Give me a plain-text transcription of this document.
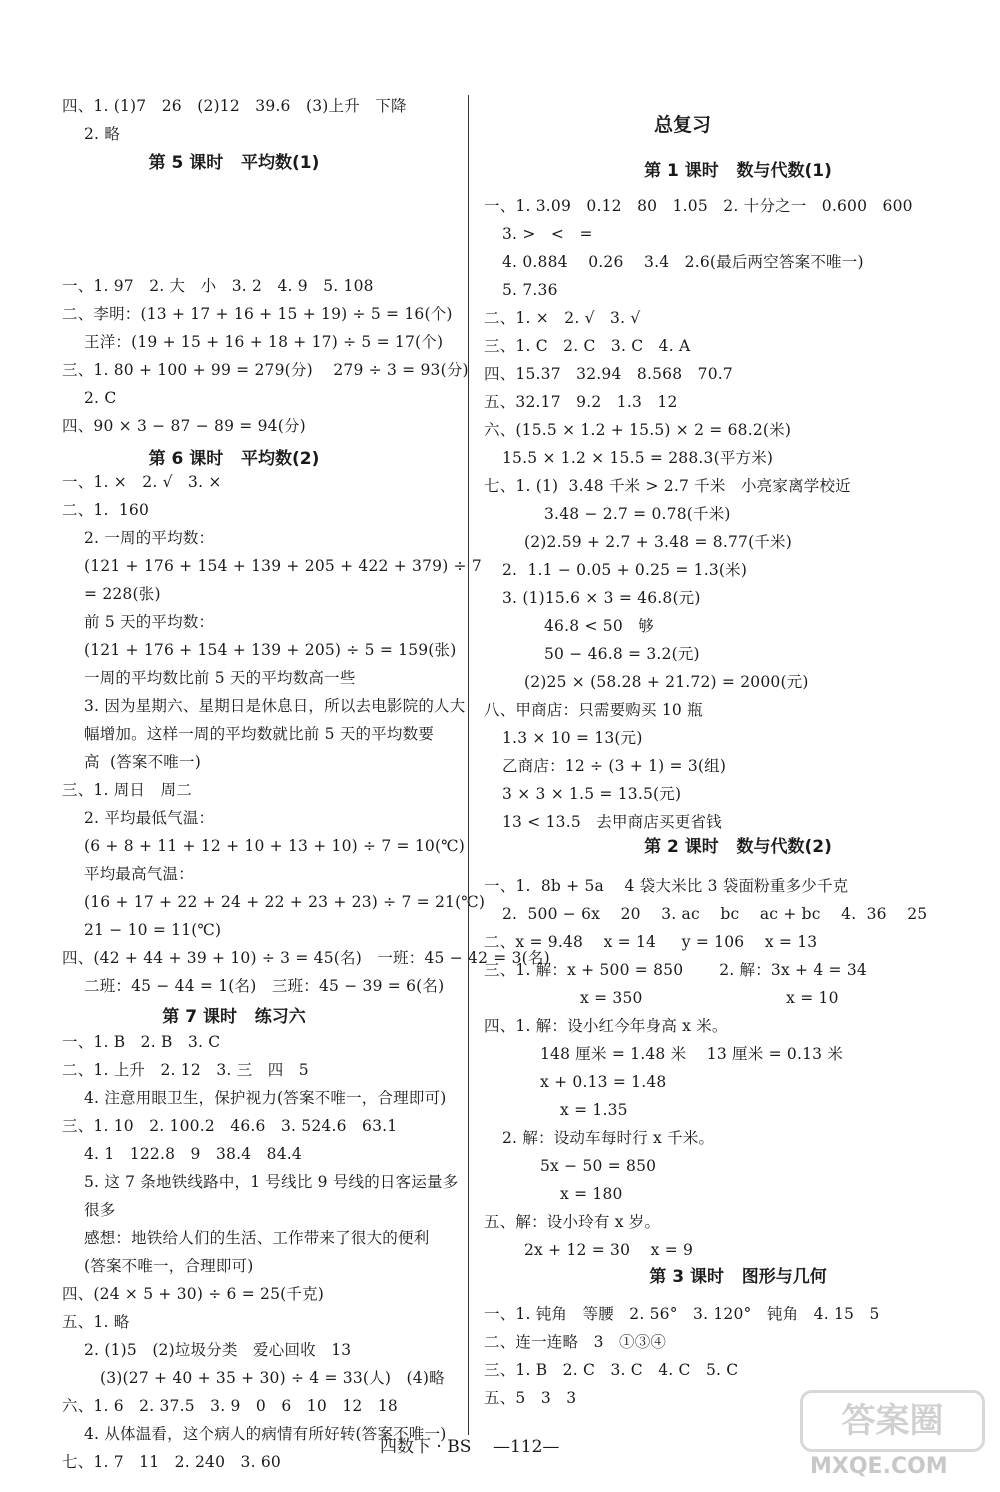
第 5 课时   平均数(1)
第 6 课时   平均数(2)
第 7 课时   练习六
四、1. (1)7   26   (2)12   39.6   (3)上升   下降
2. 略
一、1. 97   2. 大   小   3. 2   4. 9   5. 108
二、李明：(13 + 17 + 16 + 15 + 19) ÷ 5 = 16(个)
王洋：(19 + 15 + 16 + 18 + 17) ÷ 5 = 17(个)
三、1. 80 + 100 + 99 = 279(分)    279 ÷ 3 = 93(分)
2. C
四、90 × 3 − 87 − 89 = 94(分)
一、1. ×   2. √   3. ×
二、1.  160
2. 一周的平均数：
(121 + 176 + 154 + 139 + 205 + 422 + 379) ÷ 7
= 228(张)
前 5 天的平均数：
(121 + 176 + 154 + 139 + 205) ÷ 5 = 159(张)
一周的平均数比前 5 天的平均数高一些
3. 因为星期六、星期日是休息日，所以去电影院的人大
幅增加。这样一周的平均数就比前 5 天的平均数要
高  (答案不唯一)
三、1. 周日   周二
2. 平均最低气温：
(6 + 8 + 11 + 12 + 10 + 13 + 10) ÷ 7 = 10(℃)
平均最高气温：
(16 + 17 + 22 + 24 + 22 + 23 + 23) ÷ 7 = 21(℃)
21 − 10 = 11(℃)
四、(42 + 44 + 39 + 10) ÷ 3 = 45(名)   一班：45 − 42 = 3(名)
二班：45 − 44 = 1(名)   三班：45 − 39 = 6(名)
一、1. B   2. B   3. C
二、1. 上升   2. 12   3. 三   四   5
4. 注意用眼卫生，保护视力(答案不唯一，合理即可)
三、1. 10   2. 100.2   46.6   3. 524.6   63.1
4. 1   122.8   9   38.4   84.4
5. 这 7 条地铁线路中，1 号线比 9 号线的日客运量多
很多
感想：地铁给人们的生活、工作带来了很大的便利
(答案不唯一，合理即可)
四、(24 × 5 + 30) ÷ 6 = 25(千克)
五、1. 略
2. (1)5   (2)垃圾分类   爱心回收   13
(3)(27 + 40 + 35 + 30) ÷ 4 = 33(人)   (4)略
六、1. 6   2. 37.5   3. 9   0   6   10   12   18
4. 从体温看，这个病人的病情有所好转(答案不唯一)
七、1. 7   11   2. 240   3. 60
总复习
第 1 课时   数与代数(1)
第 2 课时   数与代数(2)
第 3 课时   图形与几何
一、1. 3.09   0.12   80   1.05   2. 十分之一   0.600   600
3. >   <   =
4. 0.884    0.26    3.4   2.6(最后两空答案不唯一)
5. 7.36
二、1. ×   2. √   3. √
三、1. C   2. C   3. C   4. A
四、15.37   32.94   8.568   70.7
五、32.17   9.2   1.3   12
六、(15.5 × 1.2 + 15.5) × 2 = 68.2(米)
15.5 × 1.2 × 15.5 = 288.3(平方米)
七、1. (1)  3.48 千米 > 2.7 千米   小亮家离学校近
3.48 − 2.7 = 0.78(千米)
(2)2.59 + 2.7 + 3.48 = 8.77(千米)
2.  1.1 − 0.05 + 0.25 = 1.3(米)
3. (1)15.6 × 3 = 46.8(元)
46.8 < 50   够
50 − 46.8 = 3.2(元)
(2)25 × (58.28 + 21.72) = 2000(元)
八、甲商店：只需要购买 10 瓶
1.3 × 10 = 13(元)
乙商店：12 ÷ (3 + 1) = 3(组)
3 × 3 × 1.5 = 13.5(元)
13 < 13.5   去甲商店买更省钱
一、1.  8b + 5a    4 袋大米比 3 袋面粉重多少千克
2.  500 − 6x    20    3. ac    bc    ac + bc    4.  36    25
二、x = 9.48    x = 14     y = 106    x = 13
三、1. 解：x + 500 = 850       2. 解：3x + 4 = 34
x = 350                            x = 10
四、1. 解：设小红今年身高 x 米。
148 厘米 = 1.48 米    13 厘米 = 0.13 米
x + 0.13 = 1.48
x = 1.35
2. 解：设动车每时行 x 千米。
5x − 50 = 850
x = 180
五、解：设小玲有 x 岁。
2x + 12 = 30    x = 9
一、1. 钝角   等腰   2. 56°   3. 120°   钝角   4. 15   5
二、连一连略   3   ①③④
三、1. B   2. C   3. C   4. C   5. C
五、5   3   3
四数下 · BS    —112—
答案圈
MXQE.COM
